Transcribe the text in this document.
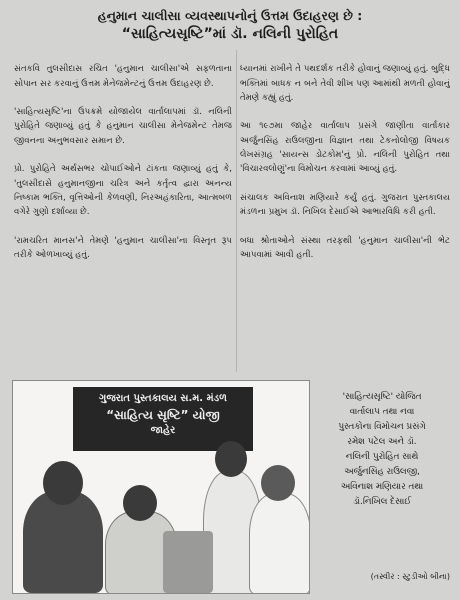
હનુમાન ચાલીસા વ્યવસ્થાપનોનું ઉત્તમ ઉદાહરણ છે :
“સાહિત્યસૃષ્ટિ”માં ડૉ. નલિની પુરોહિત

સંતકવિ તુલસીદાસ રચિત 'હનુમાન ચાલીસા'એ સફળતાના સોપાન સર કરવાનું ઉત્તમ મેનેજમેન્ટનું ઉત્તમ ઉદાહરણ છે.

'સાહિત્યસૃષ્ટિ'ના ઉપક્રમે યોજાયેલ વાર્તાલાપમાં ડૉ. નલિની પુરોહિતે જણાવ્યું હતું કે હનુમાન ચાલીસા મેનેજમેન્ટ તેમજ જીવનના અનુભવસાર સમાન છે.

પ્રો. પુરોહિતે અર્થસભર ચોપાઈઓને ટાંકતા જણાવ્યું હતું કે, 'તુલસીદાસે હનુમાનજીના ચરિત્ર અને કર્તૃત્વ દ્વારા અનન્ય નિષ્કામ ભક્તિ, વૃત્તિઓની કેળવણી, નિરઅહંકારિતા, આત્મબળ વગેરે ગુણો દર્શાવ્યા છે.

'રામચરિત માનસ'ને તેમણે 'હનુમાન ચાલીસા'ના વિસ્તૃત રૂપ તરીકે ઓળખાવ્યું હતું.

ધ્યાનમાં રાખીને તે પથદર્શક તરીકે હોવાનું જણાવ્યું હતું. બુદ્ધિ ભક્તિમાં બાધક ન બને તેવી શીખ પણ આમાંથી મળતી હોવાનું તેમણે કહ્યું હતું.

આ ૧૯૭મા જાહેર વાર્તાલાપ પ્રસંગે જાણીતા વાર્તાકાર અર્જુનસિંહ રાઉલજીના વિજ્ઞાન તથા ટેકનોલોજી વિષયક લેખસંગ્રહ 'સાયન્સ ડોટકોમ'નું પ્રો. નલિની પુરોહિત તથા 'વિચારવલોણું'ના વિમોચન કરવામાં આવ્યું હતું.

સંચાલક અવિનાશ મણિયારે કર્યું હતું. ગુજરાત પુસ્તકાલય મંડળના પ્રમુખ ડૉ. નિખિલ દેસાઈએ આભારવિધિ કરી હતી.

બધા શ્રોતાઓને સંસ્થા તરફથી 'હનુમાન ચાલીસા'ની ભેટ આપવામાં આવી હતી.

ગુજરાત પુસ્તકાલય સ.મ. મંડળ
“સાહિત્ય સૃષ્ટિ” યોજી
જાહેર
'સાહિત્યસૃષ્ટિ' યોજિત
વાર્તાલાપ તથા નવા
પુસ્તકોના વિમોચન પ્રસંગે
રમેશ પટેલ અને ડૉ.
નલિની પુરોહિત સાથે
અર્જુનસિંહ રાઉલજી,
અવિનાશ મણિયાર તથા
ડૉ.નિખિલ દેસાઈ
(તસ્વીર : સ્ટુડીઓ બીના)
